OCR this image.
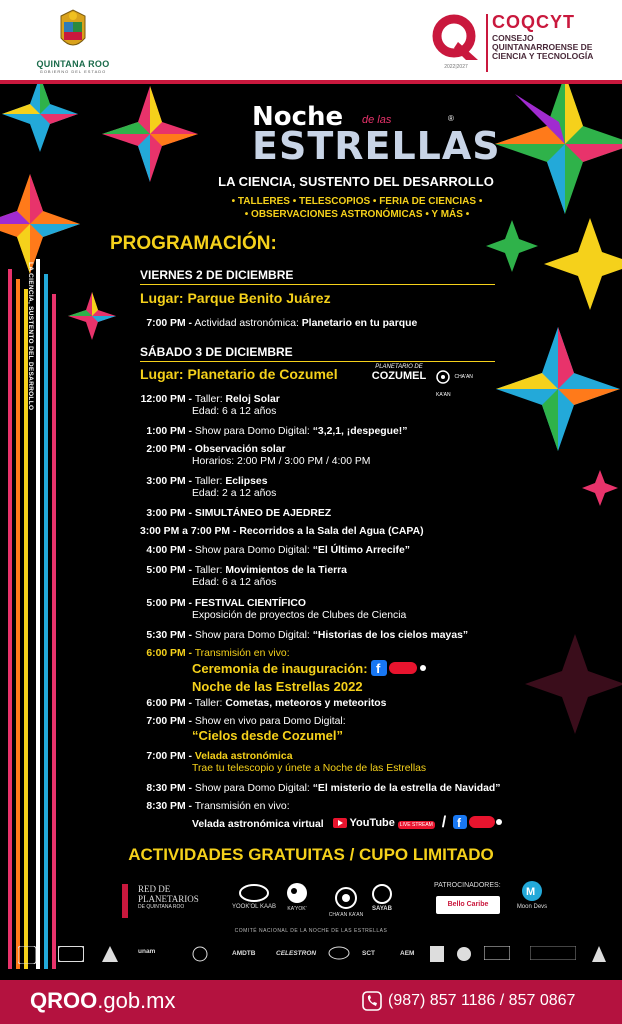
QUINTANA ROO
GOBIERNO DEL ESTADO
2022|2027
COQCYT
CONSEJO QUINTANARROENSE DE CIENCIA Y TECNOLOGÍA
LA CIENCIA, SUSTENTO DEL DESARROLLO
Noche de las
ESTRELLAS
®
LA CIENCIA, SUSTENTO DEL DESARROLLO
• TALLERES • TELESCOPIOS • FERIA DE CIENCIAS •
• OBSERVACIONES ASTRONÓMICAS • Y MÁS •
PROGRAMACIÓN:
VIERNES 2 DE DICIEMBRE
Lugar: Parque Benito Juárez
7:00 PM - Actividad astronómica: Planetario en tu parque
SÁBADO 3 DE DICIEMBRE
Lugar: Planetario de Cozumel	PLANETARIO DE
COZUMEL	CHA'AN KA'AN
12:00 PM - Taller: Reloj Solar
Edad: 6 a 12 años
1:00 PM - Show para Domo Digital: “3,2,1, ¡despegue!”
2:00 PM - Observación solar
Horarios: 2:00 PM / 3:00 PM / 4:00 PM
3:00 PM - Taller: Eclipses
Edad: 2 a 12 años
3:00 PM - SIMULTÁNEO DE AJEDREZ
3:00 PM a 7:00 PM - Recorridos a la Sala del Agua (CAPA)
4:00 PM - Show para Domo Digital: “El Último Arrecife”
5:00 PM - Taller: Movimientos de la Tierra
Edad: 6 a 12 años
5:00 PM - FESTIVAL CIENTÍFICO
Exposición de proyectos de Clubes de Ciencia
5:30 PM - Show para Domo Digital: “Historias de los cielos mayas”
6:00 PM - Transmisión en vivo:
Ceremonia de inauguración: f
Noche de las Estrellas 2022
6:00 PM - Taller: Cometas, meteoros y meteoritos
7:00 PM - Show en vivo para Domo Digital:
“Cielos desde Cozumel”
7:00 PM - Velada astronómica
Trae tu telescopio y únete a Noche de las Estrellas
8:30 PM - Show para Domo Digital: “El misterio de la estrella de Navidad”
8:30 PM - Transmisión en vivo:
Velada astronómica virtual YouTube LIVE STREAM / f
ACTIVIDADES GRATUITAS / CUPO LIMITADO
RED DE PLANETARIOS
DE QUINTANA ROO	YOOK'OL KAAB	KA'YOK'
CHA'AN KA'AN
SAYAB
PATROCINADORES:
Bello Caribe
M
Moon Devs
COMITÉ NACIONAL DE LA NOCHE DE LAS ESTRELLAS
unam	AMDTB	CELESTRON	SCT	AEM
QROO.gob.mx	(987) 857 1186 / 857 0867
